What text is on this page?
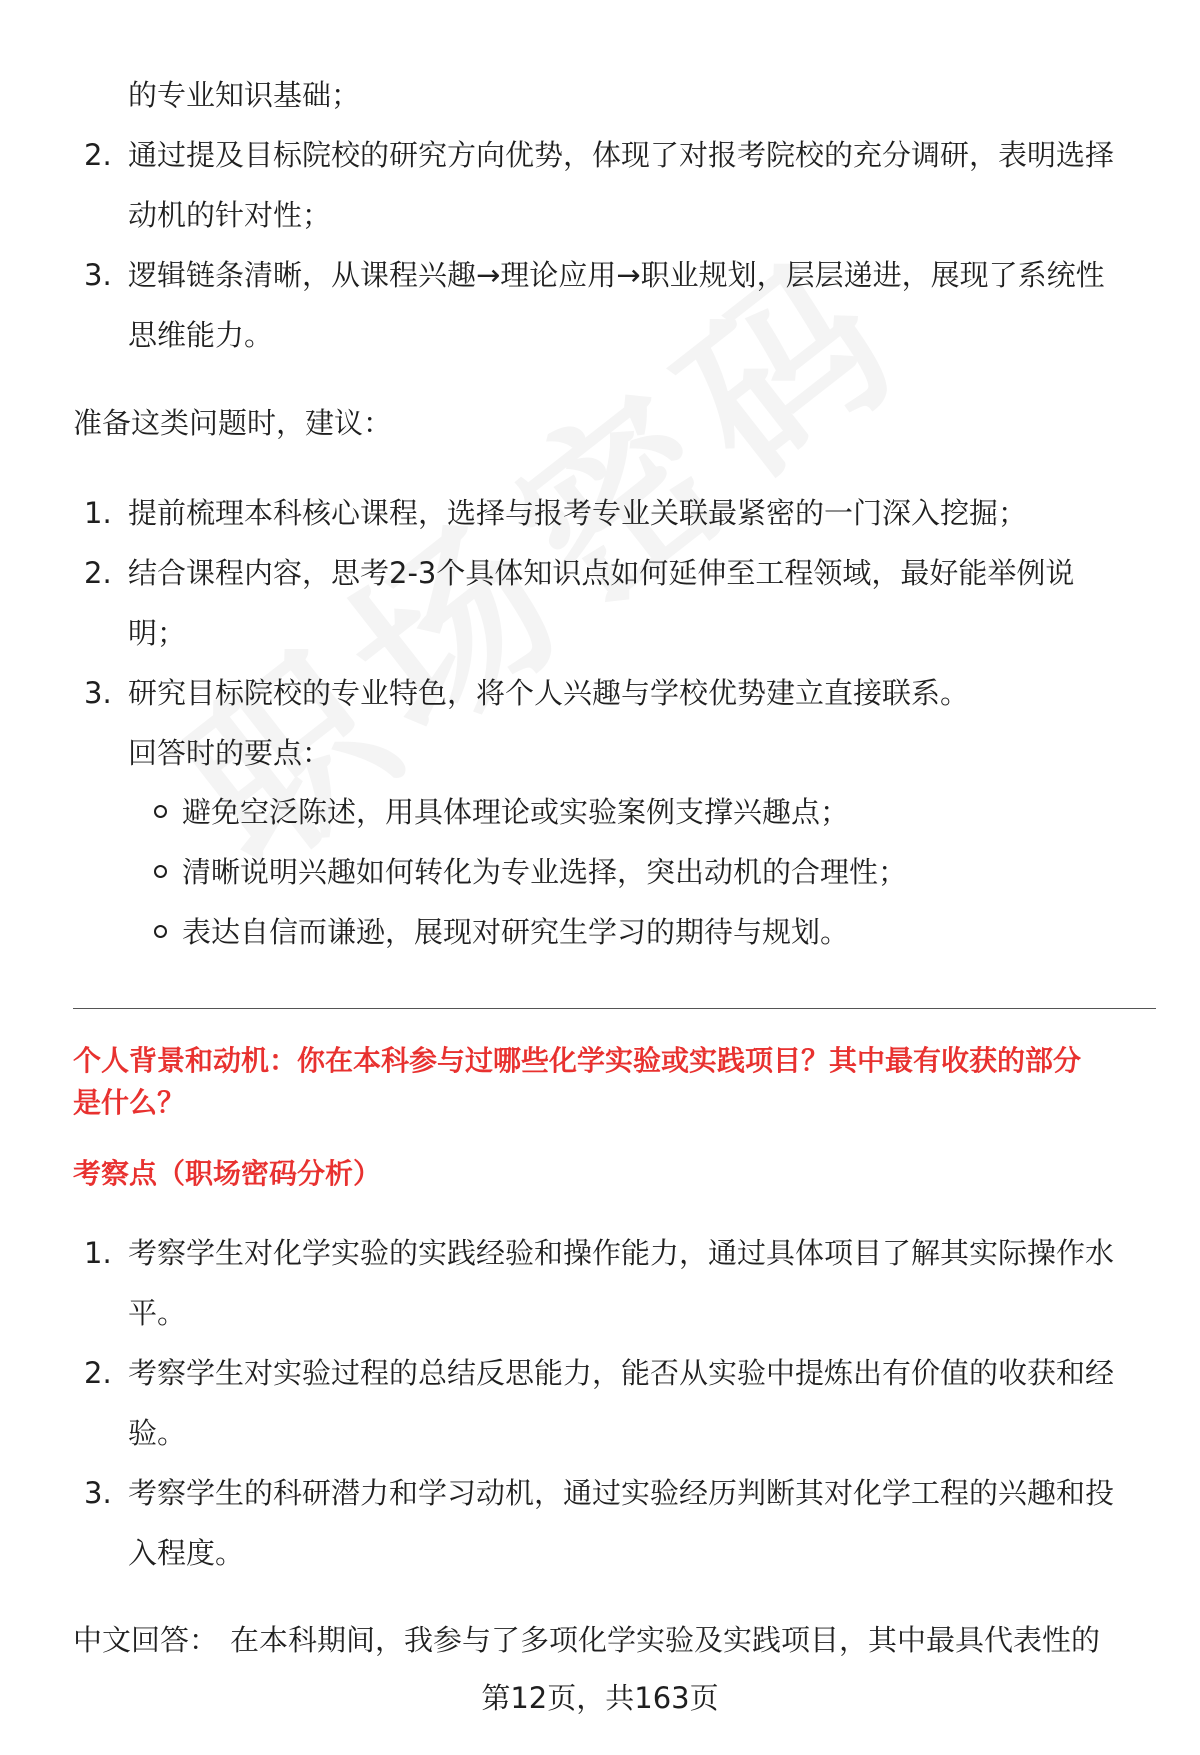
的专业知识基础；
2. 通过提及目标院校的研究方向优势，体现了对报考院校的充分调研，表明选择
动机的针对性；
3. 逻辑链条清晰，从课程兴趣→理论应用→职业规划，层层递进，展现了系统性
思维能力。
准备这类问题时，建议：
1. 提前梳理本科核心课程，选择与报考专业关联最紧密的一门深入挖掘；
2. 结合课程内容，思考2-3个具体知识点如何延伸至工程领域，最好能举例说
明；
3. 研究目标院校的专业特色，将个人兴趣与学校优势建立直接联系。
回答时的要点：
避免空泛陈述，用具体理论或实验案例支撑兴趣点；
清晰说明兴趣如何转化为专业选择，突出动机的合理性；
表达自信而谦逊，展现对研究生学习的期待与规划。
个人背景和动机：你在本科参与过哪些化学实验或实践项目？其中最有收获的部分
是什么？
考察点（职场密码分析）
1. 考察学生对化学实验的实践经验和操作能力，通过具体项目了解其实际操作水
平。
2. 考察学生对实验过程的总结反思能力，能否从实验中提炼出有价值的收获和经
验。
3. 考察学生的科研潜力和学习动机，通过实验经历判断其对化学工程的兴趣和投
入程度。
中文回答： 在本科期间，我参与了多项化学实验及实践项目，其中最具代表性的
第12页，共163页
